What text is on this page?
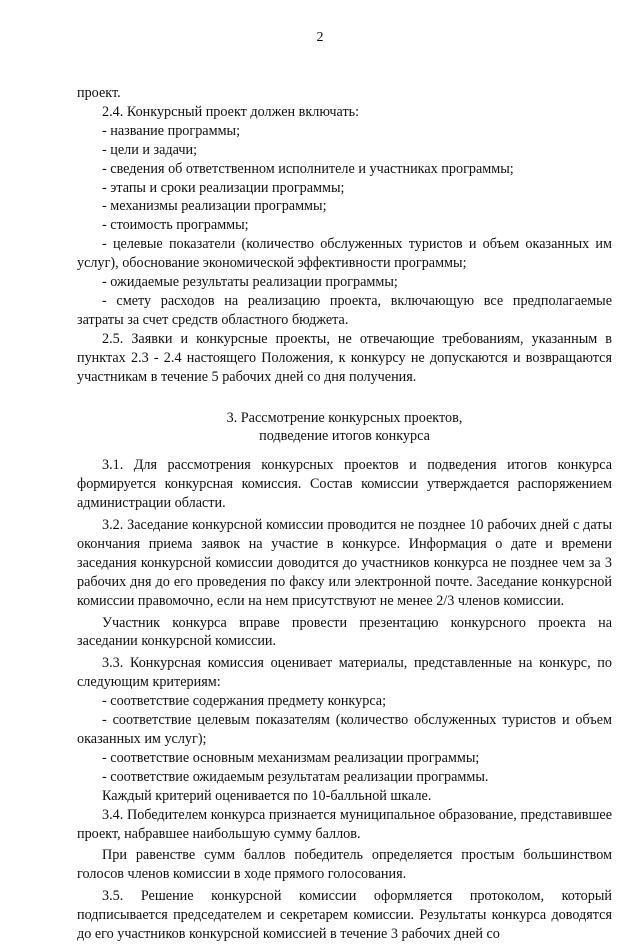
2

проект.

2.4. Конкурсный проект должен включать:

- название программы;

- цели и задачи;

- сведения об ответственном исполнителе и участниках программы;

- этапы и сроки реализации программы;

- механизмы реализации программы;

- стоимость программы;

- целевые показатели (количество обслуженных туристов и объем оказанных им услуг), обоснование экономической эффективности программы;

- ожидаемые результаты реализации программы;

- смету расходов на реализацию проекта, включающую все предполагаемые затраты за счет средств областного бюджета.

2.5. Заявки и конкурсные проекты, не отвечающие требованиям, указанным в пунктах 2.3 - 2.4 настоящего Положения, к конкурсу не допускаются и возвращаются участникам в течение 5 рабочих дней со дня получения.

3. Рассмотрение конкурсных проектов,
подведение итогов конкурса

3.1. Для рассмотрения конкурсных проектов и подведения итогов конкурса формируется конкурсная комиссия. Состав комиссии утверждается распоряжением администрации области.

3.2. Заседание конкурсной комиссии проводится не позднее 10 рабочих дней с даты окончания приема заявок на участие в конкурсе. Информация о дате и времени заседания конкурсной комиссии доводится до участников конкурса не позднее чем за 3 рабочих дня до его проведения по факсу или электронной почте. Заседание конкурсной комиссии правомочно, если на нем присутствуют не менее 2/3 членов комиссии.

Участник конкурса вправе провести презентацию конкурсного проекта на заседании конкурсной комиссии.

3.3. Конкурсная комиссия оценивает материалы, представленные на конкурс, по следующим критериям:

- соответствие содержания предмету конкурса;

- соответствие целевым показателям (количество обслуженных туристов и объем оказанных им услуг);

- соответствие основным механизмам реализации программы;

- соответствие ожидаемым результатам реализации программы.

Каждый критерий оценивается по 10-балльной шкале.

3.4. Победителем конкурса признается муниципальное образование, представившее проект, набравшее наибольшую сумму баллов.

При равенстве сумм баллов победитель определяется простым большинством голосов членов комиссии в ходе прямого голосования.

3.5. Решение конкурсной комиссии оформляется протоколом, который подписывается председателем и секретарем комиссии. Результаты конкурса доводятся до его участников конкурсной комиссией в течение 3 рабочих дней со
